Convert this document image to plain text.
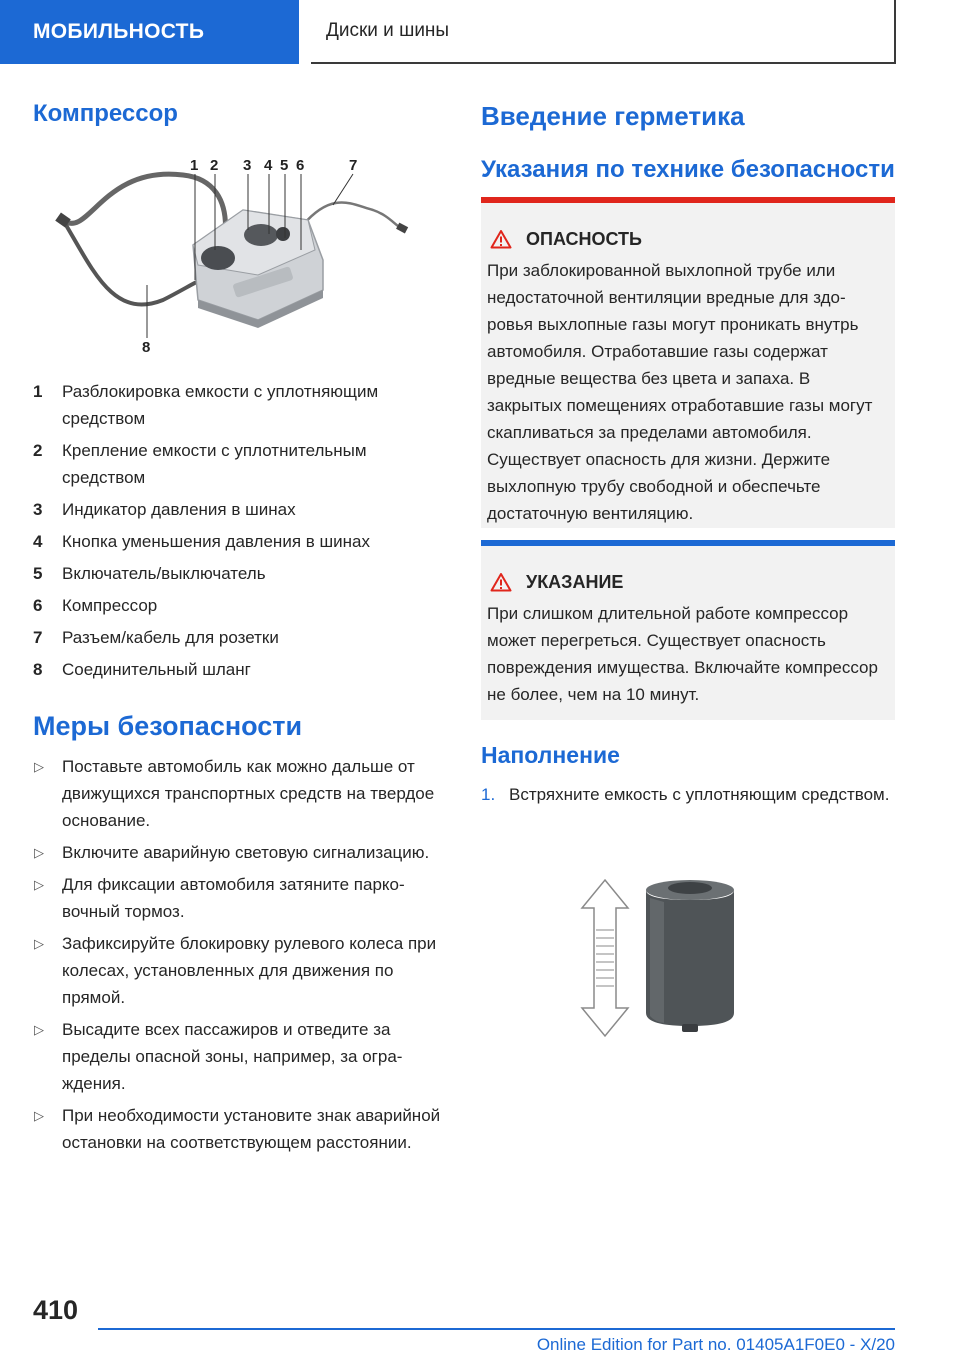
МОБИЛЬНОСТЬ	Диски и шины
Компрессор
1 2 3 4 5 6	7
8
1 Разблокировка емкости с уплотняющим средством
2 Крепление емкости с уплотнительным средством
3 Индикатор давления в шинах
4 Кнопка уменьшения давления в шинах
5 Включатель/выключатель
6 Компрессор
7 Разъем/кабель для розетки
8 Соединительный шланг
Меры безопасности
▷ Поставьте автомобиль как можно дальше от движущихся транспортных средств на твердое основание.
▷ Включите аварийную световую сигнализацию.
▷ Для фиксации автомобиля затяните парковочный тормоз.
▷ Зафиксируйте блокировку рулевого колеса при колесах, установленных для движения по прямой.
▷ Высадите всех пассажиров и отведите за пределы опасной зоны, например, за ограждения.
▷ При необходимости установите знак аварийной остановки на соответствующем расстоянии.
Введение герметика
Указания по технике безопасности
ОПАСНОСТЬ
При заблокированной выхлопной трубе или недостаточной вентиляции вредные для здоровья выхлопные газы могут проникать внутрь автомобиля. Отработавшие газы содержат вредные вещества без цвета и запаха. В закрытых помещениях отработавшие газы могут скапливаться за пределами автомобиля. Существует опасность для жизни. Держите выхлопную трубу свободной и обеспечьте достаточную вентиляцию.
УКАЗАНИЕ
При слишком длительной работе компрессор может перегреться. Существует опасность повреждения имущества. Включайте компрессор не более, чем на 10 минут.
Наполнение
1. Встряхните емкость с уплотняющим средством.
410
Online Edition for Part no. 01405A1F0E0 - X/20
